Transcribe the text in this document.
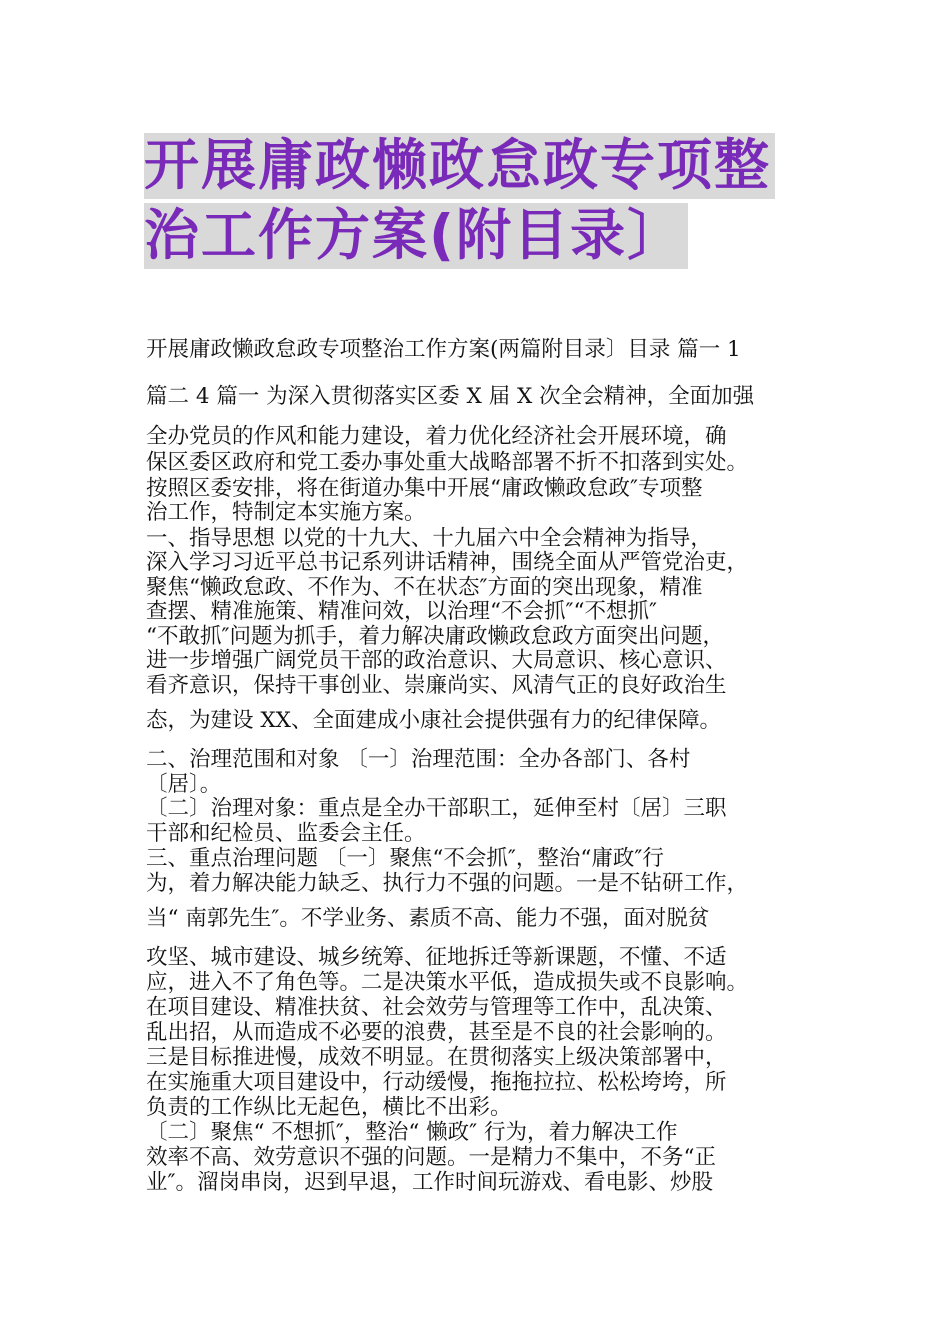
开展庸政懒政怠政专项整
治工作方案(附目录〕
开展庸政懒政怠政专项整治工作方案(两篇附目录〕目录 篇一 1
篇二 4 篇一 为深入贯彻落实区委 X 届 X 次全会精神，全面加强
全办党员的作风和能力建设，着力优化经济社会开展环境，确
保区委区政府和党工委办事处重大战略部署不折不扣落到实处。
按照区委安排，将在街道办集中开展“庸政懒政怠政″专项整
治工作，特制定本实施方案。
一、指导思想 以党的十九大、十九届六中全会精神为指导，
深入学习习近平总书记系列讲话精神，围绕全面从严管党治吏，
聚焦“懒政怠政、不作为、不在状态″方面的突出现象，精准
查摆、精准施策、精准问效，以治理“不会抓″“不想抓″
“不敢抓″问题为抓手，着力解决庸政懒政怠政方面突出问题，
进一步增强广阔党员干部的政治意识、大局意识、核心意识、
看齐意识，保持干事创业、崇廉尚实、风清气正的良好政治生
态，为建设 XX、全面建成小康社会提供强有力的纪律保障。
二、治理范围和对象 〔一〕治理范围：全办各部门、各村
〔居〕。
〔二〕治理对象：重点是全办干部职工，延伸至村〔居〕三职
干部和纪检员、监委会主任。
三、重点治理问题 〔一〕聚焦“不会抓″，整治“庸政″行
为，着力解决能力缺乏、执行力不强的问题。一是不钻研工作，
当“ 南郭先生″。不学业务、素质不高、能力不强，面对脱贫
攻坚、城市建设、城乡统筹、征地拆迁等新课题，不懂、不适
应，进入不了角色等。二是决策水平低，造成损失或不良影响。
在项目建设、精准扶贫、社会效劳与管理等工作中，乱决策、
乱出招，从而造成不必要的浪费，甚至是不良的社会影响的。
三是目标推进慢，成效不明显。在贯彻落实上级决策部署中，
在实施重大项目建设中，行动缓慢，拖拖拉拉、松松垮垮，所
负责的工作纵比无起色，横比不出彩。
〔二〕聚焦“ 不想抓″，整治“ 懒政″ 行为，着力解决工作
效率不高、效劳意识不强的问题。一是精力不集中，不务“正
业″。溜岗串岗，迟到早退，工作时间玩游戏、看电影、炒股
